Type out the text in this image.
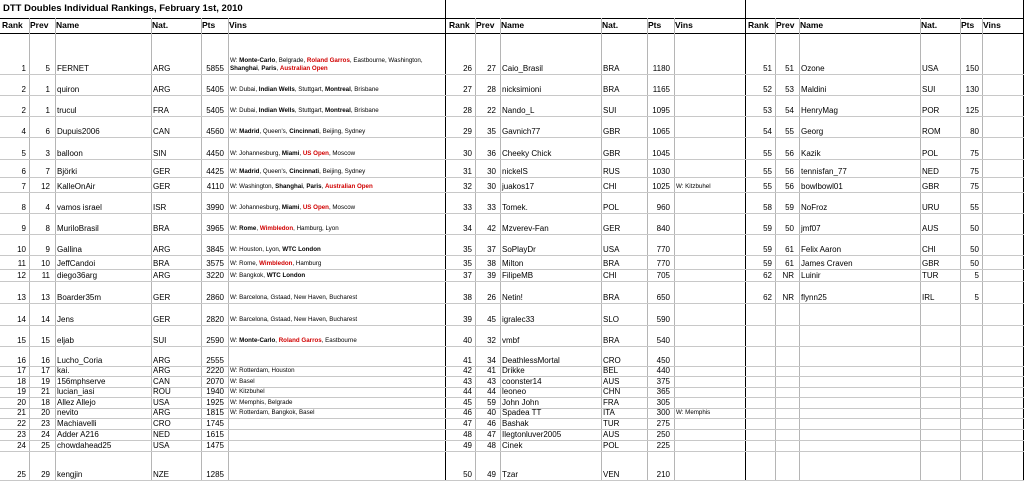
DTT Doubles Individual Rankings, February 1st, 2010
Rank Prev Name	Nat.	Pts Vins
1	5 FERNET	ARG	5855
W: Monte-Carlo, Belgrade, Roland Garros, Eastbourne, Washington, Shanghai, Paris, Australian Open
2	1 quiron	ARG	5405 W: Dubai, Indian Wells, Stuttgart, Montreal, Brisbane
2	1 trucul	FRA	5405 W: Dubai, Indian Wells, Stuttgart, Montreal, Brisbane
4	6 Dupuis2006	CAN	4560 W: Madrid, Queen's, Cincinnati, Beijing, Sydney
5	3 balloon	SIN	4450 W: Johannesburg, Miami, US Open, Moscow
6	7 Björki	GER	4425 W: Madrid, Queen's, Cincinnati, Beijing, Sydney
7	12 KalleOnAir	GER	4110 W: Washington, Shanghai, Paris, Australian Open
8	4 vamos israel	ISR	3990 W: Johannesburg, Miami, US Open, Moscow
9	8 MuriloBrasil	BRA	3965 W: Rome, Wimbledon, Hamburg, Lyon
10	9 Gallina	ARG	3845 W: Houston, Lyon, WTC London
11	10 JeffCandoi	BRA	3575 W: Rome, Wimbledon, Hamburg
12	11 diego36arg	ARG	3220 W: Bangkok, WTC London
13	13 Boarder35m	GER	2860 W: Barcelona, Gstaad, New Haven, Bucharest
14	14 Jens	GER	2820 W: Barcelona, Gstaad, New Haven, Bucharest
15	15 eljab	SUI	2590 W: Monte-Carlo, Roland Garros, Eastbourne
16	16 Lucho_Coria	ARG	2555
17	17 kai.	ARG	2220 W: Rotterdam, Houston
18	19 156mphserve	CAN	2070 W: Basel
19	21 lucian_iasi	ROU	1940 W: Kitzbuhel
20	18 Allez Allejo	USA	1925 W: Memphis, Belgrade
21	20 nevito	ARG	1815 W: Rotterdam, Bangkok, Basel
22	23 Machiavelli	CRO	1745
23	24 Adder A216	NED	1615
24	25 chowdahead25	USA	1475
25	29 kengjin	NZE	1285
Rank Prev Name	Nat.	Pts Vins
26	27 Caio_Brasil	BRA	1180
27	28 nicksimioni	BRA	1165
28	22 Nando_L	SUI	1095
29	35 Gavnich77	GBR	1065
30	36 Cheeky Chick	GBR	1045
31	30 nickelS	RUS	1030
32	30 juakos17	CHI	1025 W: Kitzbuhel
33	33 Tomek.	POL	960
34	42 Mzverev-Fan	GER	840
35	37 SoPlayDr	USA	770
35	38 Milton	BRA	770
37	39 FilipeMB	CHI	705
38	26 Netin!	BRA	650
39	45 igralec33	SLO	590
40	32 vmbf	BRA	540
41	34 DeathlessMortal	CRO	450
42	41 Drikke	BEL	440
43	43 coonster14	AUS	375
44	44 leoneo	CHN	365
45	59 John John	FRA	305
46	40 Spadea TT	ITA	300 W: Memphis
47	46 Bashak	TUR	275
48	47 Ilegtonluver2005	AUS	250
49	48 Cinek	POL	225
50	49 Tzar	VEN	210
Rank Prev Name	Nat.	Pts Vins
51	51 Ozone	USA	150
52	53 Maldini	SUI	130
53	54 HenryMag	POR	125
54	55 Georg	ROM	80
55	56 Kazik	POL	75
55	56 tennisfan_77	NED	75
55	56 bowlbowl01	GBR	75
58	59 NoFroz	URU	55
59	50 jmf07	AUS	50
59	61 Felix Aaron	CHI	50
59	61 James Craven	GBR	50
62	NR Luinir	TUR	5
62	NR flynn25	IRL	5
